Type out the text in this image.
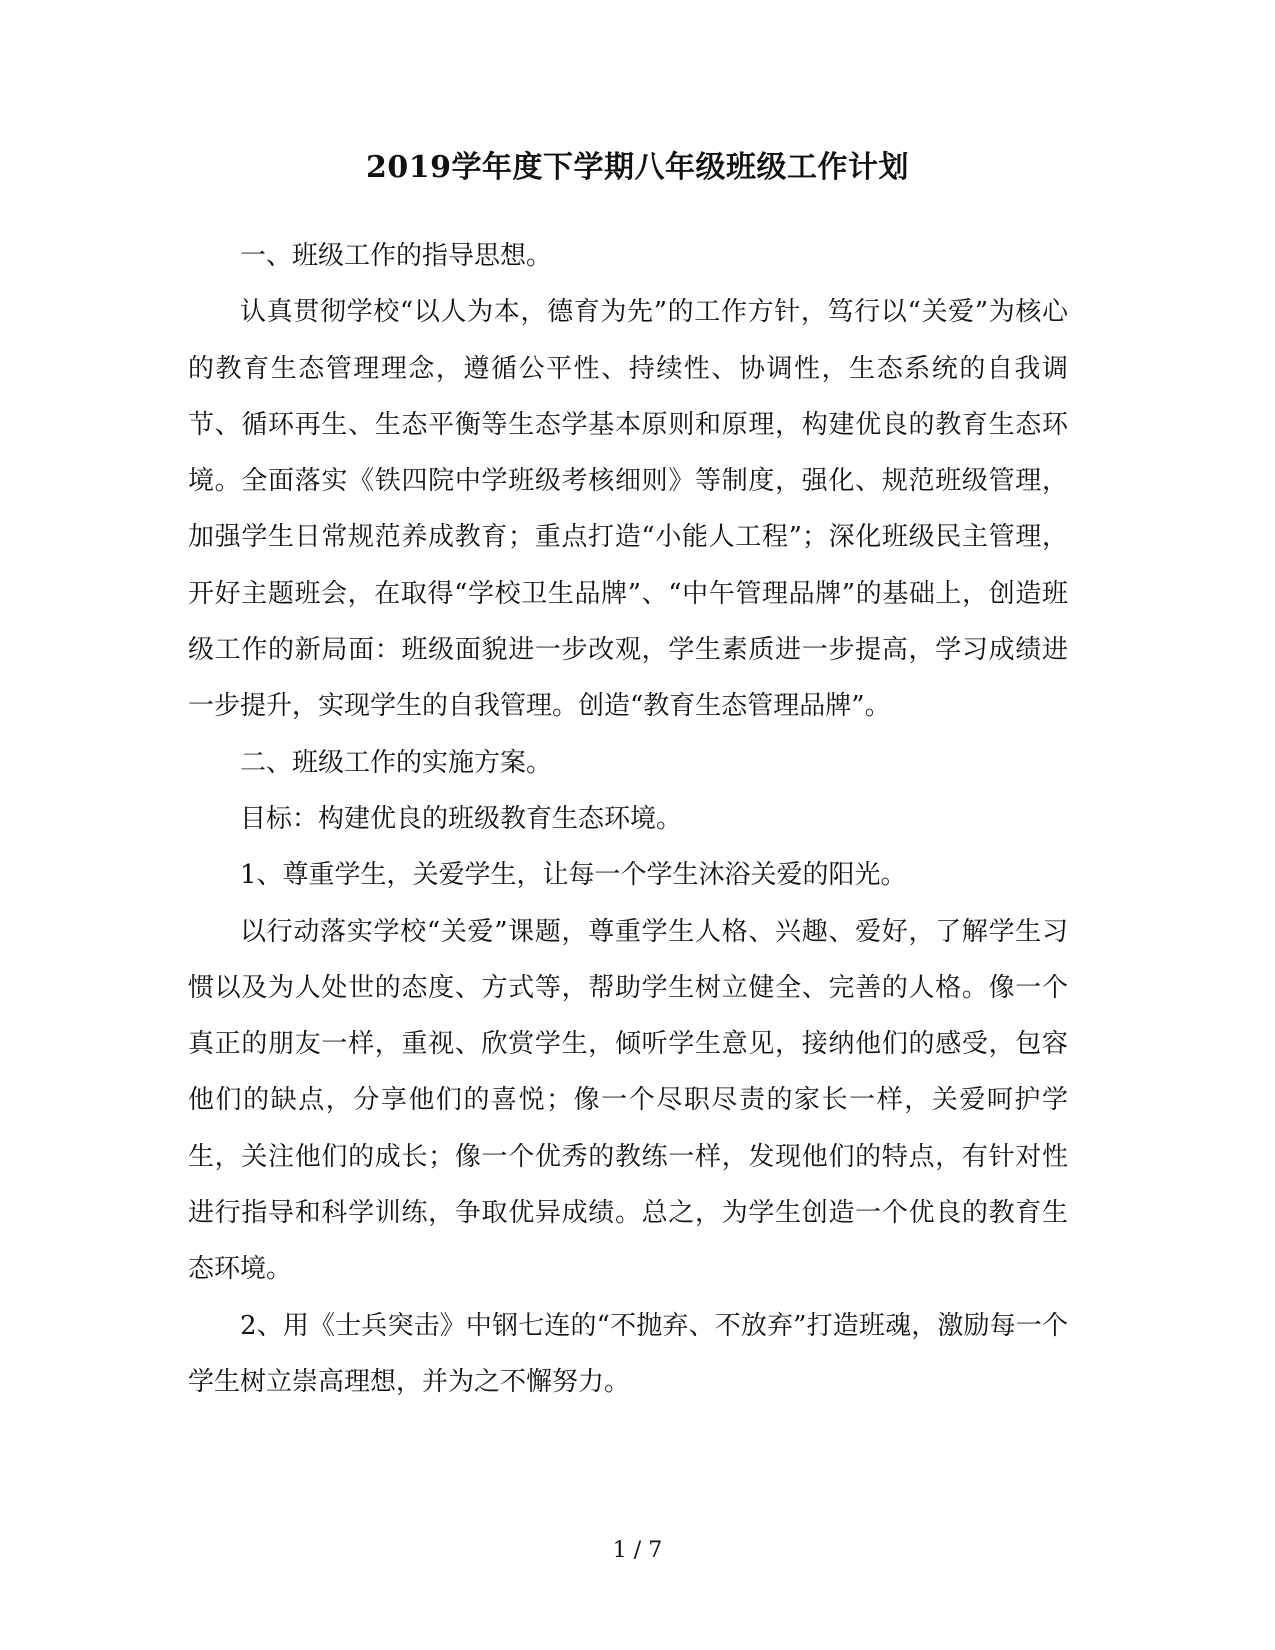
2019学年度下学期八年级班级工作计划

一、班级工作的指导思想。

认真贯彻学校“以人为本，德育为先”的工作方针，笃行以“关爱”为核心的教育生态管理理念，遵循公平性、持续性、协调性，生态系统的自我调节、循环再生、生态平衡等生态学基本原则和原理，构建优良的教育生态环境。全面落实《铁四院中学班级考核细则》等制度，强化、规范班级管理，加强学生日常规范养成教育；重点打造“小能人工程”；深化班级民主管理，开好主题班会，在取得“学校卫生品牌”、“中午管理品牌”的基础上，创造班级工作的新局面：班级面貌进一步改观，学生素质进一步提高，学习成绩进一步提升，实现学生的自我管理。创造“教育生态管理品牌”。

二、班级工作的实施方案。

目标：构建优良的班级教育生态环境。

1、尊重学生，关爱学生，让每一个学生沐浴关爱的阳光。

以行动落实学校“关爱”课题，尊重学生人格、兴趣、爱好，了解学生习惯以及为人处世的态度、方式等，帮助学生树立健全、完善的人格。像一个真正的朋友一样，重视、欣赏学生，倾听学生意见，接纳他们的感受，包容他们的缺点，分享他们的喜悦；像一个尽职尽责的家长一样，关爱呵护学生，关注他们的成长；像一个优秀的教练一样，发现他们的特点，有针对性进行指导和科学训练，争取优异成绩。总之，为学生创造一个优良的教育生态环境。

2、用《士兵突击》中钢七连的“不抛弃、不放弃”打造班魂，激励每一个学生树立崇高理想，并为之不懈努力。

1 / 7
